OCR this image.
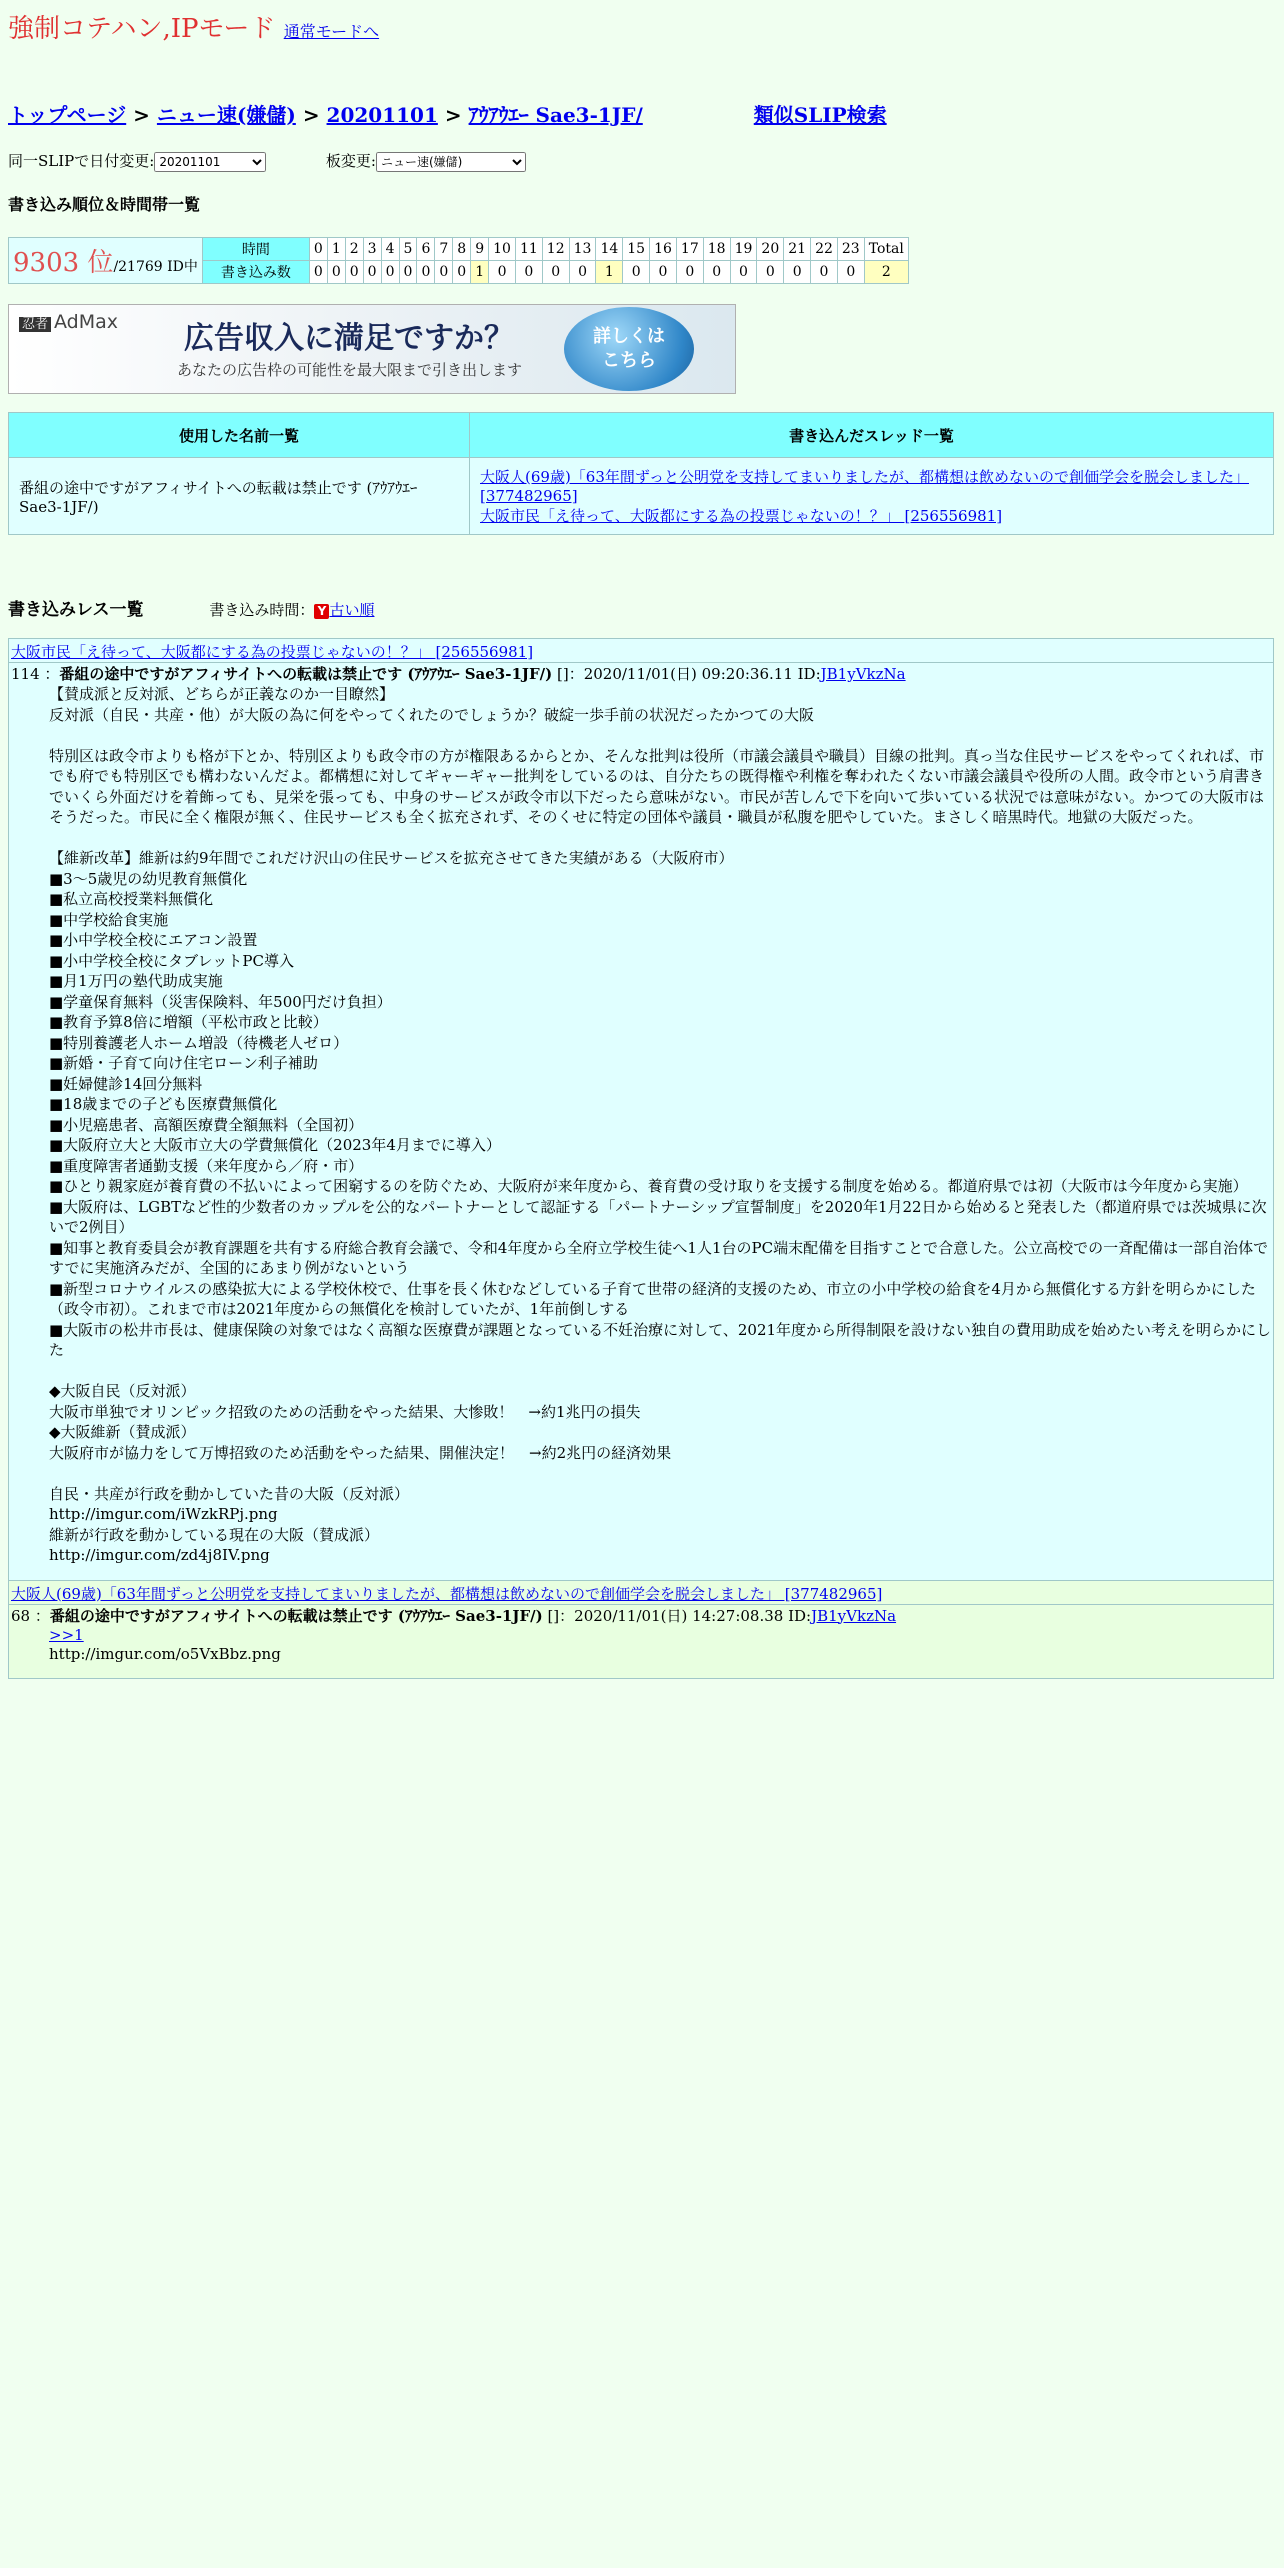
強制コテハン,IPモード 通常モードへ
トップページ > ニュー速(嫌儲) > 20201101 > ｱｳｱｳｴｰ Sae3-1JF/	類似SLIP検索
同一SLIPで日付変更:
20201101	板変更:
ニュー速(嫌儲)
書き込み順位＆時間帯一覧
9303 位/21769 ID中	時間	0	1	2	3	4	5	6	7	8	9	10	11	12	13	14	15	16	17	18	19	20	21	22	23	Total
	書き込み数	0	0	0	0	0	0	0	0	0	1	0	0	0	0	1	0	0	0	0	0	0	0	0	0	2
忍者 AdMax 広告収入に満足ですか？
あなたの広告枠の可能性を最大限まで引き出します
詳しくは
こちら
使用した名前一覧	書き込んだスレッド一覧
番組の途中ですがアフィサイトへの転載は禁止です (ｱｳｱｳｴｰ Sae3-1JF/)	大阪人(69歳)「63年間ずっと公明党を支持してまいりましたが、都構想は飲めないので創価学会を脱会しました」 [377482965]
大阪市民「え待って、大阪都にする為の投票じゃないの！？」 [256556981]
書き込みレス一覧	書き込み時間： Y 古い順
大阪市民「え待って、大阪都にする為の投票じゃないの！？」 [256556981]
114 ：番組の途中ですがアフィサイトへの転載は禁止です (ｱｳｱｳｴｰ Sae3-1JF/) []：2020/11/01(日) 09:20:36.11 ID:JB1yVkzNa
【賛成派と反対派、どちらが正義なのか一目瞭然】
反対派（自民・共産・他）が大阪の為に何をやってくれたのでしょうか？破綻一歩手前の状況だったかつての大阪

特別区は政令市よりも格が下とか、特別区よりも政令市の方が権限あるからとか、そんな批判は役所（市議会議員や職員）目線の批判。真っ当な住民サービスをやってくれれば、市でも府でも特別区でも構わないんだよ。都構想に対してギャーギャー批判をしているのは、自分たちの既得権や利権を奪われたくない市議会議員や役所の人間。政令市という肩書きでいくら外面だけを着飾っても、見栄を張っても、中身のサービスが政令市以下だったら意味がない。市民が苦しんで下を向いて歩いている状況では意味がない。かつての大阪市はそうだった。市民に全く権限が無く、住民サービスも全く拡充されず、そのくせに特定の団体や議員・職員が私腹を肥やしていた。まさしく暗黒時代。地獄の大阪だった。

【維新改革】維新は約9年間でこれだけ沢山の住民サービスを拡充させてきた実績がある（大阪府市）
■3〜5歳児の幼児教育無償化
■私立高校授業料無償化
■中学校給食実施
■小中学校全校にエアコン設置
■小中学校全校にタブレットPC導入
■月1万円の塾代助成実施
■学童保育無料（災害保険料、年500円だけ負担）
■教育予算8倍に増額（平松市政と比較）
■特別養護老人ホーム増設（待機老人ゼロ）
■新婚・子育て向け住宅ローン利子補助
■妊婦健診14回分無料
■18歳までの子ども医療費無償化
■小児癌患者、高額医療費全額無料（全国初）
■大阪府立大と大阪市立大の学費無償化（2023年4月までに導入）
■重度障害者通勤支援（来年度から／府・市）
■ひとり親家庭が養育費の不払いによって困窮するのを防ぐため、大阪府が来年度から、養育費の受け取りを支援する制度を始める。都道府県では初（大阪市は今年度から実施）
■大阪府は、LGBTなど性的少数者のカップルを公的なパートナーとして認証する「パートナーシップ宣誓制度」を2020年1月22日から始めると発表した（都道府県では茨城県に次いで2例目）
■知事と教育委員会が教育課題を共有する府総合教育会議で、令和4年度から全府立学校生徒へ1人1台のPC端末配備を目指すことで合意した。公立高校での一斉配備は一部自治体ですでに実施済みだが、全国的にあまり例がないという
■新型コロナウイルスの感染拡大による学校休校で、仕事を長く休むなどしている子育て世帯の経済的支援のため、市立の小中学校の給食を4月から無償化する方針を明らかにした（政令市初）。これまで市は2021年度からの無償化を検討していたが、1年前倒しする
■大阪市の松井市長は、健康保険の対象ではなく高額な医療費が課題となっている不妊治療に対して、2021年度から所得制限を設けない独自の費用助成を始めたい考えを明らかにした

◆大阪自民（反対派）
大阪市単独でオリンピック招致のための活動をやった結果、大惨敗！　→約1兆円の損失
◆大阪維新（賛成派）
大阪府市が協力をして万博招致のため活動をやった結果、開催決定！　→約2兆円の経済効果

自民・共産が行政を動かしていた昔の大阪（反対派）
http://imgur.com/iWzkRPj.png
維新が行政を動かしている現在の大阪（賛成派）
http://imgur.com/zd4j8IV.png
大阪人(69歳)「63年間ずっと公明党を支持してまいりましたが、都構想は飲めないので創価学会を脱会しました」 [377482965]
68 ：番組の途中ですがアフィサイトへの転載は禁止です (ｱｳｱｳｴｰ Sae3-1JF/) []：2020/11/01(日) 14:27:08.38 ID:JB1yVkzNa
>>1
http://imgur.com/o5VxBbz.png
